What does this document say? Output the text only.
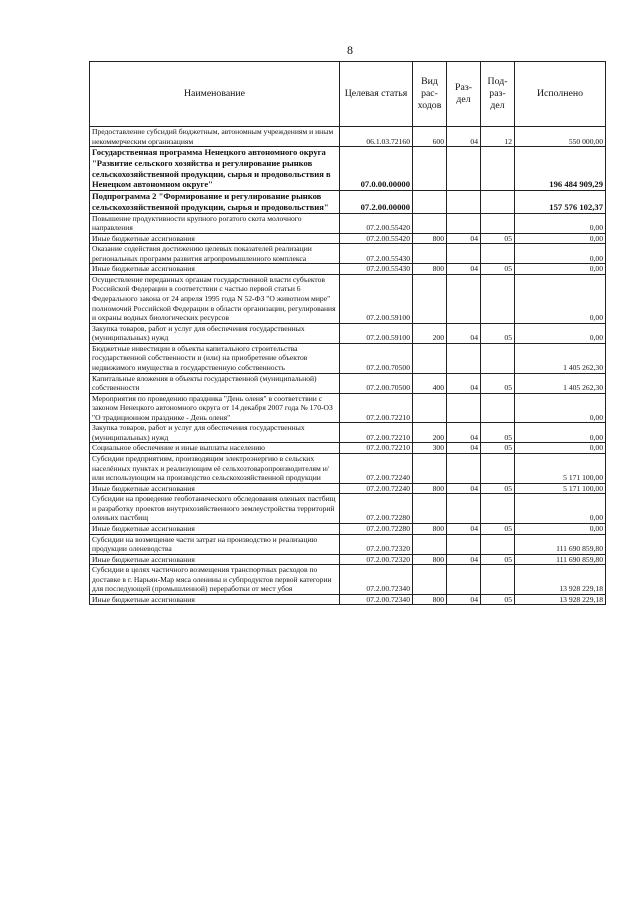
8
Наименование	Целевая статья	Вид рас- ходов	Раз- дел	Под- раз- дел	Исполнено
Предоставление субсидий бюджетным, автономным учреждениям и иным некоммерческим организациям	06.1.03.72160	600	04	12	550 000,00
Государственная программа Ненецкого автономного округа "Развитие сельского хозяйства и регулирование рынков сельскохозяйственной продукции, сырья и продовольствия в Ненецком автономном округе"	07.0.00.00000				196 484 909,29
Подпрограмма 2 "Формирование и регулирование рынков сельскохозяйственной продукции, сырья и продовольствия"	07.2.00.00000				157 576 102,37
Повышение продуктивности крупного рогатого скота молочного направления	07.2.00.55420				0,00
Иные бюджетные ассигнования	07.2.00.55420	800	04	05	0,00
Оказание содействия достижению целевых показателей реализации региональных программ развития агропромышленного комплекса	07.2.00.55430				0,00
Иные бюджетные ассигнования	07.2.00.55430	800	04	05	0,00
Осуществление переданных органам государственной власти субъектов Российской Федерации в соответствии с частью первой статьи 6 Федерального закона от 24 апреля 1995 года N 52-ФЗ "О животном мире" полномочий Российской Федерации в области организации, регулирования и охраны водных биологических ресурсов	07.2.00.59100				0,00
Закупка товаров, работ и услуг для обеспечения государственных (муниципальных) нужд	07.2.00.59100	200	04	05	0,00
Бюджетные инвестиции в объекты капитального строительства государственной собственности и (или) на приобретение объектов недвижимого имущества в государственную собственность	07.2.00.70500				1 405 262,30
Капитальные вложения в объекты государственной (муниципальной) собственности	07.2.00.70500	400	04	05	1 405 262,30
Мероприятия по проведению праздника "День оленя" в соответствии с законом Ненецкого автономного округа от 14 декабря 2007 года № 170-ОЗ "О традиционном празднике - День оленя"	07.2.00.72210				0,00
Закупка товаров, работ и услуг для обеспечения государственных (муниципальных) нужд	07.2.00.72210	200	04	05	0,00
Социальное обеспечение и иные выплаты населению	07.2.00.72210	300	04	05	0,00
Субсидии предприятиям, производящим электроэнергию в сельских населённых пунктах и реализующим её сельхозтоваропроизводителям и/или использующим на производство сельскохозяйственной продукции	07.2.00.72240				5 171 100,00
Иные бюджетные ассигнования	07.2.00.72240	800	04	05	5 171 100,00
Субсидии на проведение геоботанического обследования оленьих пастбищ и разработку проектов внутрихозяйственного землеустройства территорий оленьих пастбищ	07.2.00.72280				0,00
Иные бюджетные ассигнования	07.2.00.72280	800	04	05	0,00
Субсидии на возмещение части затрат на производство и реализацию продукции оленеводства	07.2.00.72320				111 690 859,80
Иные бюджетные ассигнования	07.2.00.72320	800	04	05	111 690 859,80
Субсидии в целях частичного возмещения транспортных расходов по доставке в г. Нарьян-Мар мяса оленины и субпродуктов первой категории для последующей (промышленной) переработки от мест убоя	07.2.00.72340				13 928 229,18
Иные бюджетные ассигнования	07.2.00.72340	800	04	05	13 928 229,18
